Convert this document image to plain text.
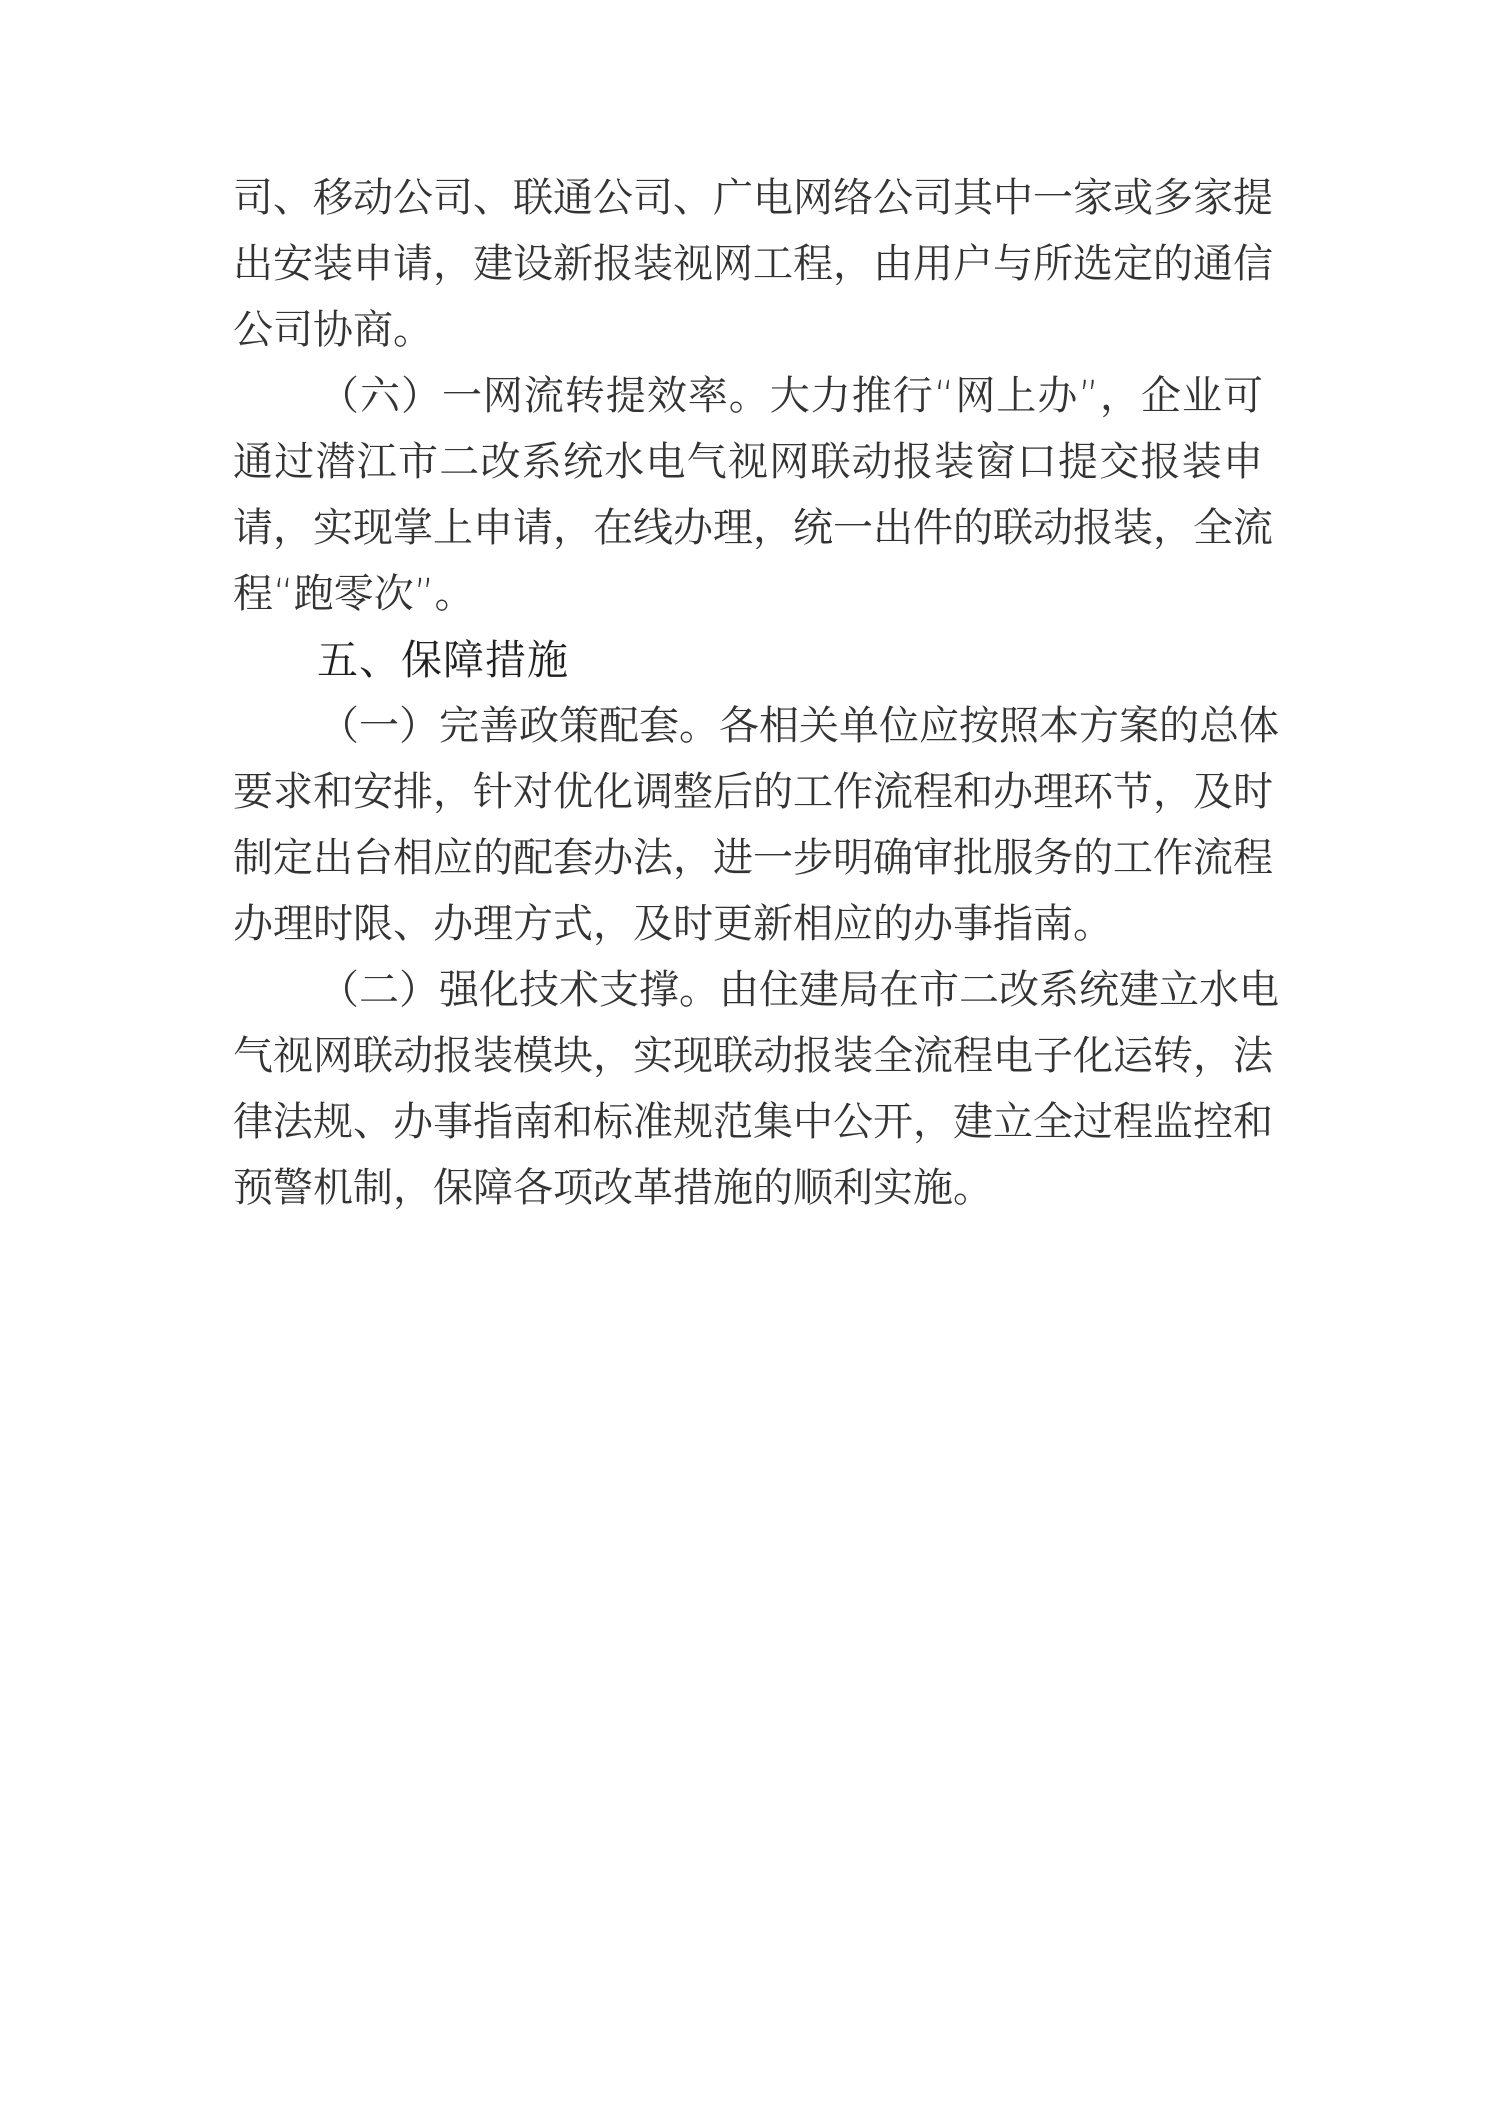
司、移动公司、联通公司、广电网络公司其中一家或多家提
出安装申请，建设新报装视网工程，由用户与所选定的通信
公司协商。
（六）一网流转提效率。大力推行“网上办”，企业可
通过潜江市二改系统水电气视网联动报装窗口提交报装申
请，实现掌上申请，在线办理，统一出件的联动报装，全流
程“跑零次”。
五、保障措施
（一）完善政策配套。各相关单位应按照本方案的总体
要求和安排，针对优化调整后的工作流程和办理环节，及时
制定出台相应的配套办法，进一步明确审批服务的工作流程
办理时限、办理方式，及时更新相应的办事指南。
（二）强化技术支撑。由住建局在市二改系统建立水电
气视网联动报装模块，实现联动报装全流程电子化运转，法
律法规、办事指南和标准规范集中公开，建立全过程监控和
预警机制，保障各项改革措施的顺利实施。
